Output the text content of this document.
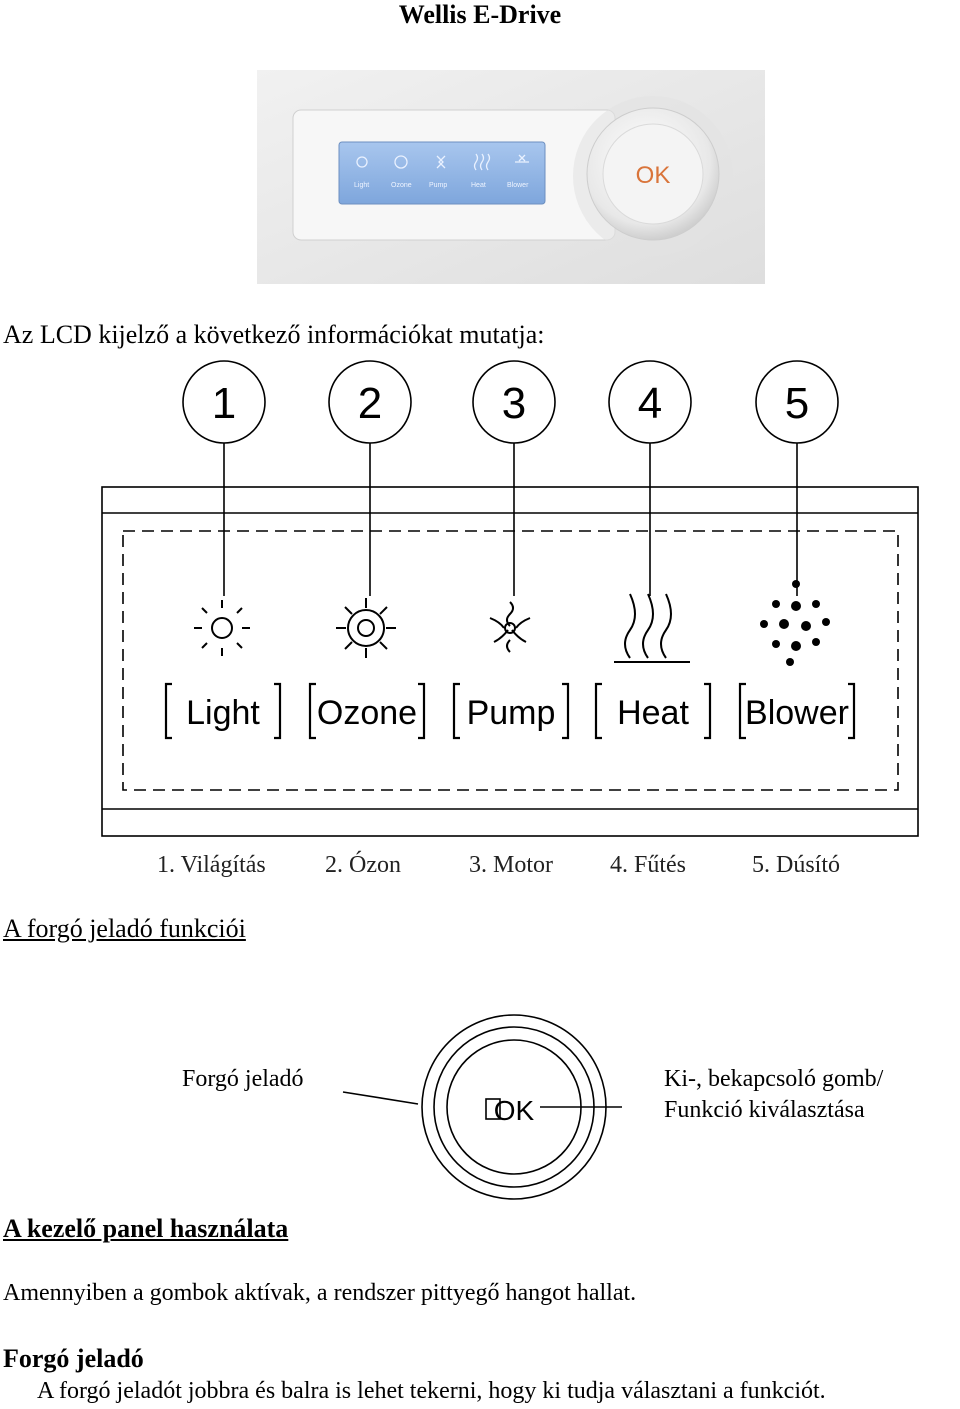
Wellis E-Drive
Light	Ozone Pump	Heat	Blower	OK
Az LCD kijelző a következő információkat mutatja:
1	2	3	4	5
Light Ozone Pump Heat Blower
1. Világítás 2. Ózon	3. Motor 4. Fűtés	5. Dúsító
A forgó jeladó funkciói
OK
Forgó jeladó	Ki-, bekapcsoló gomb/
Funkció kiválasztása
A kezelő panel használata
Amennyiben a gombok aktívak, a rendszer pittyegő hangot hallat.
Forgó jeladó
A forgó jeladót jobbra és balra is lehet tekerni, hogy ki tudja választani a funkciót.
